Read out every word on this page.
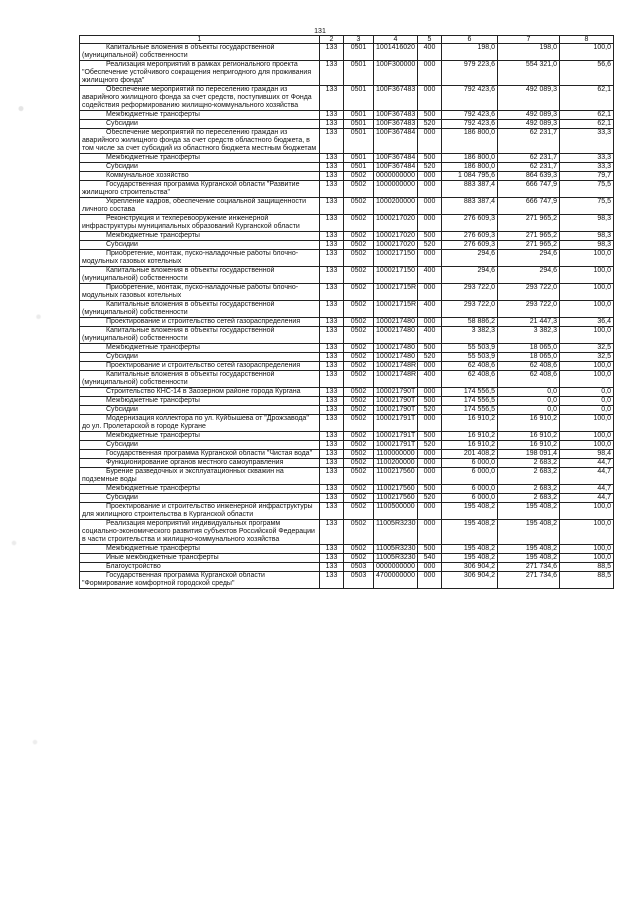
131
1	2	3	4	5	6	7	8
Капитальные вложения в объекты государственной (муниципальной) собственности	133	0501	1001416020	400	198,0	198,0	100,0
Реализация мероприятий в рамках регионального проекта "Обеспечение устойчивого сокращения непригодного для проживания жилищного фонда"	133	0501	100F300000	000	979 223,6	554 321,0	56,6
Обеспечение мероприятий по переселению граждан из аварийного жилищного фонда за счет средств, поступивших от Фонда содействия реформированию жилищно-коммунального хозяйства	133	0501	100F367483	000	792 423,6	492 089,3	62,1
Межбюджетные трансферты	133	0501	100F367483	500	792 423,6	492 089,3	62,1
Субсидии	133	0501	100F367483	520	792 423,6	492 089,3	62,1
Обеспечение мероприятий по переселению граждан из аварийного жилищного фонда за счет средств областного бюджета, в том числе за счет субсидий из областного бюджета местным бюджетам	133	0501	100F367484	000	186 800,0	62 231,7	33,3
Межбюджетные трансферты	133	0501	100F367484	500	186 800,0	62 231,7	33,3
Субсидии	133	0501	100F367484	520	186 800,0	62 231,7	33,3
Коммунальное хозяйство	133	0502	0000000000	000	1 084 795,6	864 639,3	79,7
Государственная программа Курганской области "Развитие жилищного строительства"	133	0502	1000000000	000	883 387,4	666 747,9	75,5
Укрепление кадров, обеспечение социальной защищенности личного состава	133	0502	1000200000	000	883 387,4	666 747,9	75,5
Реконструкция и техперевооружение инженерной инфраструктуры муниципальных образований Курганской области	133	0502	1000217020	000	276 609,3	271 965,2	98,3
Межбюджетные трансферты	133	0502	1000217020	500	276 609,3	271 965,2	98,3
Субсидии	133	0502	1000217020	520	276 609,3	271 965,2	98,3
Приобретение, монтаж, пуско-наладочные работы блочно-модульных газовых котельных	133	0502	1000217150	000	294,6	294,6	100,0
Капитальные вложения в объекты государственной (муниципальной) собственности	133	0502	1000217150	400	294,6	294,6	100,0
Приобретение, монтаж, пуско-наладочные работы блочно-модульных газовых котельных	133	0502	100021715R	000	293 722,0	293 722,0	100,0
Капитальные вложения в объекты государственной (муниципальной) собственности	133	0502	100021715R	400	293 722,0	293 722,0	100,0
Проектирование и строительство сетей газораспределения	133	0502	1000217480	000	58 886,2	21 447,3	36,4
Капитальные вложения в объекты государственной (муниципальной) собственности	133	0502	1000217480	400	3 382,3	3 382,3	100,0
Межбюджетные трансферты	133	0502	1000217480	500	55 503,9	18 065,0	32,5
Субсидии	133	0502	1000217480	520	55 503,9	18 065,0	32,5
Проектирование и строительство сетей газораспределения	133	0502	100021748R	000	62 408,6	62 408,6	100,0
Капитальные вложения в объекты государственной (муниципальной) собственности	133	0502	100021748R	400	62 408,6	62 408,6	100,0
Строительство КНС-14 в Заозерном районе города Кургана	133	0502	100021790T	000	174 556,5	0,0	0,0
Межбюджетные трансферты	133	0502	100021790T	500	174 556,5	0,0	0,0
Субсидии	133	0502	100021790T	520	174 556,5	0,0	0,0
Модернизация коллектора по ул. Куйбышева от "Дрожзавода" до ул. Пролетарской в городе Кургане	133	0502	100021791T	000	16 910,2	16 910,2	100,0
Межбюджетные трансферты	133	0502	100021791T	500	16 910,2	16 910,2	100,0
Субсидии	133	0502	100021791T	520	16 910,2	16 910,2	100,0
Государственная программа Курганской области "Чистая вода"	133	0502	1100000000	000	201 408,2	198 091,4	98,4
Функционирование органов местного самоуправления	133	0502	1100200000	000	6 000,0	2 683,2	44,7
Бурение разведочных и эксплуатационных скважин на подземные воды	133	0502	1100217560	000	6 000,0	2 683,2	44,7
Межбюджетные трансферты	133	0502	1100217560	500	6 000,0	2 683,2	44,7
Субсидии	133	0502	1100217560	520	6 000,0	2 683,2	44,7
Проектирование и строительство инженерной инфраструктуры для жилищного строительства в Курганской области	133	0502	1100500000	000	195 408,2	195 408,2	100,0
Реализация мероприятий индивидуальных программ социально-экономического развития субъектов Российской Федерации в части строительства и жилищно-коммунального хозяйства	133	0502	11005R3230	000	195 408,2	195 408,2	100,0
Межбюджетные трансферты	133	0502	11005R3230	500	195 408,2	195 408,2	100,0
Иные межбюджетные трансферты	133	0502	11005R3230	540	195 408,2	195 408,2	100,0
Благоустройство	133	0503	0000000000	000	306 904,2	271 734,6	88,5
Государственная программа Курганской области "Формирование комфортной городской среды"	133	0503	4700000000	000	306 904,2	271 734,6	88,5
